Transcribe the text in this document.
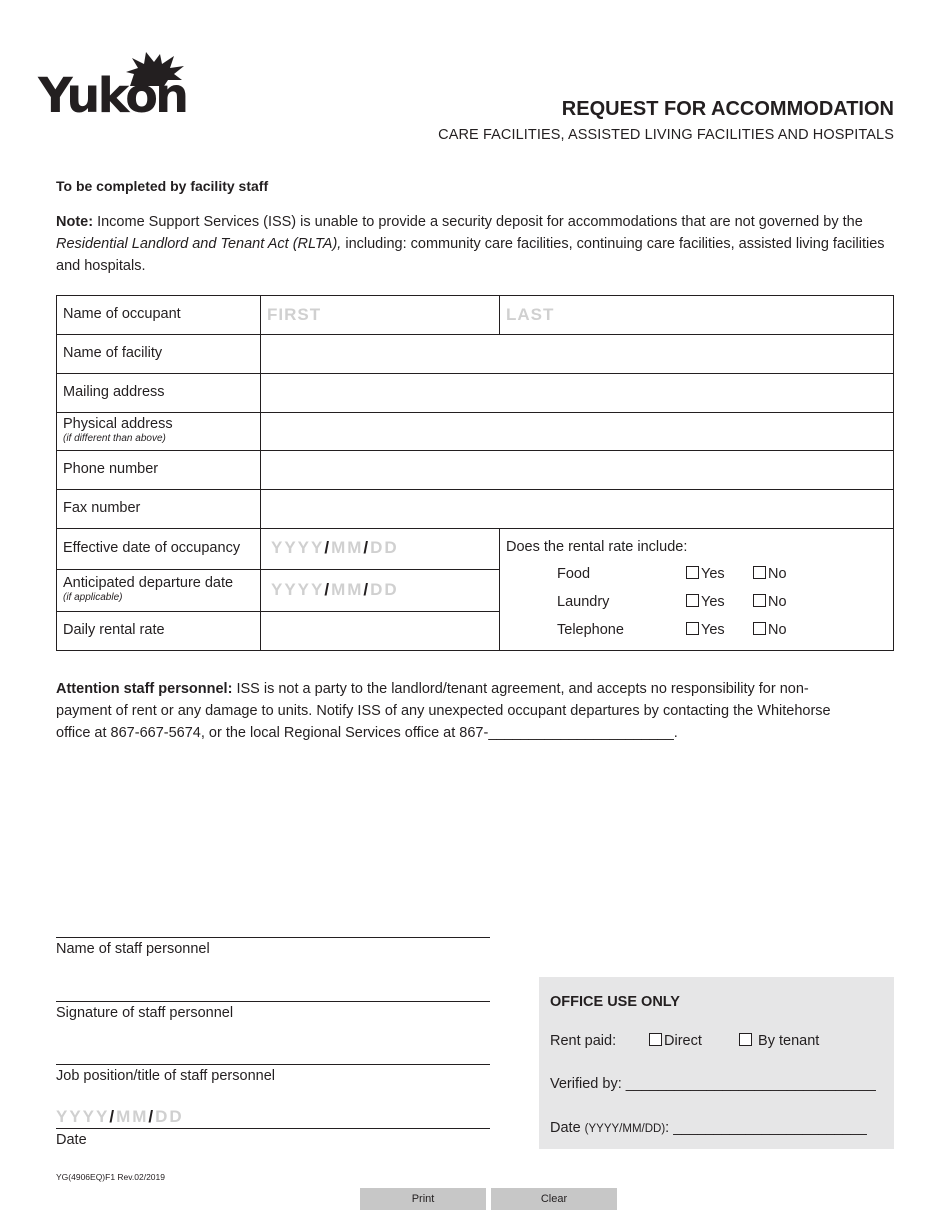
Yukon	REQUEST FOR ACCOMMODATION
CARE FACILITIES, ASSISTED LIVING FACILITIES AND HOSPITALS
To be completed by facility staff
Note: Income Support Services (ISS) is unable to provide a security deposit for accommodations that are not governed by the Residential Landlord and Tenant Act (RLTA), including: community care facilities, continuing care facilities, assisted living facilities and hospitals.
Name of occupant	FIRST	LAST
Name of facility
Mailing address
Physical address
(if different than above)
Phone number
Fax number
Effective date of occupancy YYYY/MM/DD
Anticipated departure date
(if applicable)	YYYY/MM/DD
Daily rental rate
Does the rental rate include:
Food	Yes	No
Laundry	Yes	No
Telephone	Yes	No
Attention staff personnel: ISS is not a party to the landlord/tenant agreement, and accepts no responsibility for non-payment of rent or any damage to units. Notify ISS of any unexpected occupant departures by contacting the Whitehorse office at 867-667-5674, or the local Regional Services office at 867-_______________________.
Name of staff personnel
Signature of staff personnel
Job position/title of staff personnel
YYYY/MM/DD
Date
OFFICE USE ONLY
Rent paid:	Direct	By tenant
Verified by: _______________________________
Date (YYYY/MM/DD): ________________________
YG(4906EQ)F1 Rev.02/2019
Print	Clear
